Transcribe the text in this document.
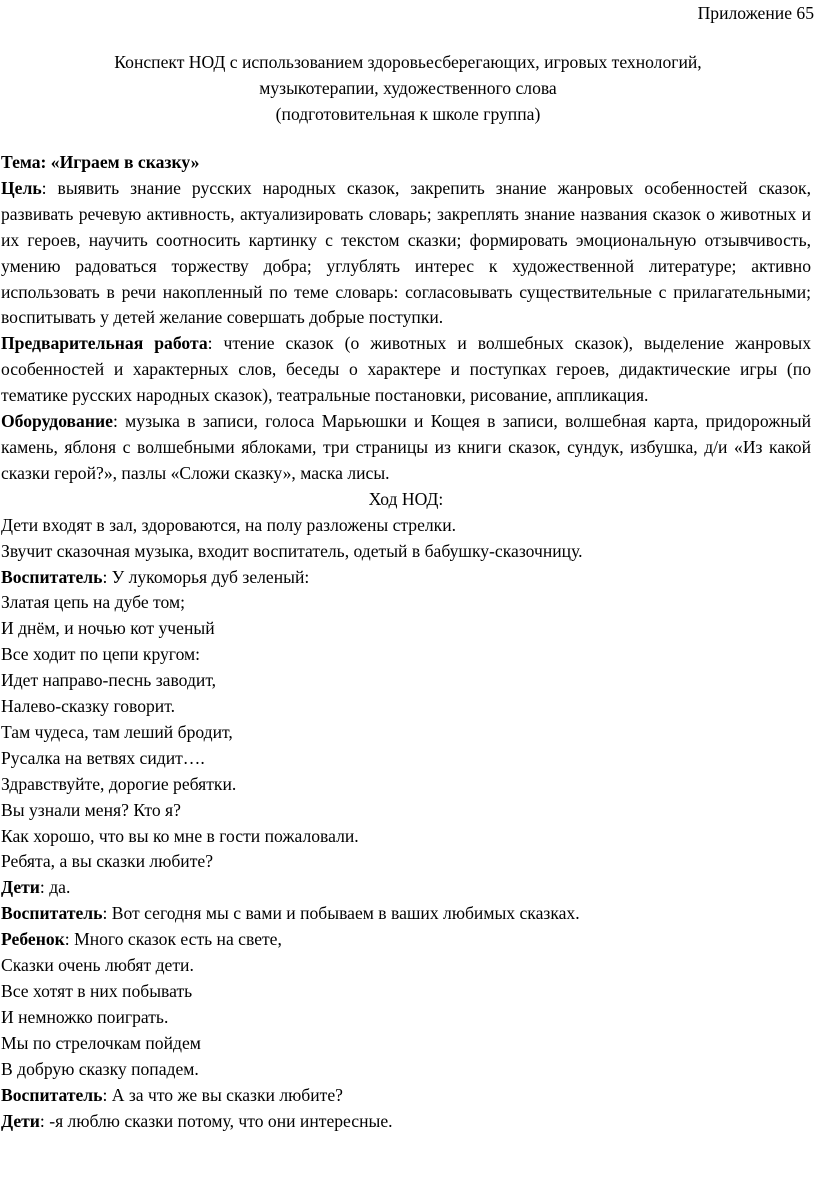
Приложение 65
Конспект НОД с использованием здоровьесберегающих, игровых технологий,
музыкотерапии, художественного слова
(подготовительная к школе группа)

Тема: «Играем в сказку»

Цель: выявить знание русских народных сказок, закрепить знание жанровых особенностей сказок, развивать речевую активность, актуализировать словарь; закреплять знание названия сказок о животных и их героев, научить соотносить картинку с текстом сказки; формировать эмоциональную отзывчивость, умению радоваться торжеству добра; углублять интерес к художественной литературе; активно использовать в речи накопленный по теме словарь: согласовывать существительные с прилагательными; воспитывать у детей желание совершать добрые поступки.

Предварительная работа: чтение сказок (о животных и волшебных сказок), выделение жанровых особенностей и характерных слов, беседы о характере и поступках героев, дидактические игры (по тематике русских народных сказок), театральные постановки, рисование, аппликация.

Оборудование: музыка в записи, голоса Марьюшки и Кощея в записи, волшебная карта, придорожный камень, яблоня с волшебными яблоками, три страницы из книги сказок, сундук, избушка, д/и «Из какой сказки герой?», пазлы «Сложи сказку», маска лисы.

Ход НОД:

Дети входят в зал, здороваются, на полу разложены стрелки.

Звучит сказочная музыка, входит воспитатель, одетый в бабушку-сказочницу.

Воспитатель: У лукоморья дуб зеленый:

Златая цепь на дубе том;

И днём, и ночью кот ученый

Все ходит по цепи кругом:

Идет направо-песнь заводит,

Налево-сказку говорит.

Там чудеса, там леший бродит,

Русалка на ветвях сидит….

Здравствуйте, дорогие ребятки.

Вы узнали меня? Кто я?

Как хорошо, что вы ко мне в гости пожаловали.

Ребята, а вы сказки любите?

Дети: да.

Воспитатель: Вот сегодня мы с вами и побываем в ваших любимых сказках.

Ребенок: Много сказок есть на свете,

Сказки очень любят дети.

Все хотят в них побывать

И немножко поиграть.

Мы по стрелочкам пойдем

В добрую сказку попадем.

Воспитатель: А за что же вы сказки любите?

Дети: -я люблю сказки потому, что они интересные.
